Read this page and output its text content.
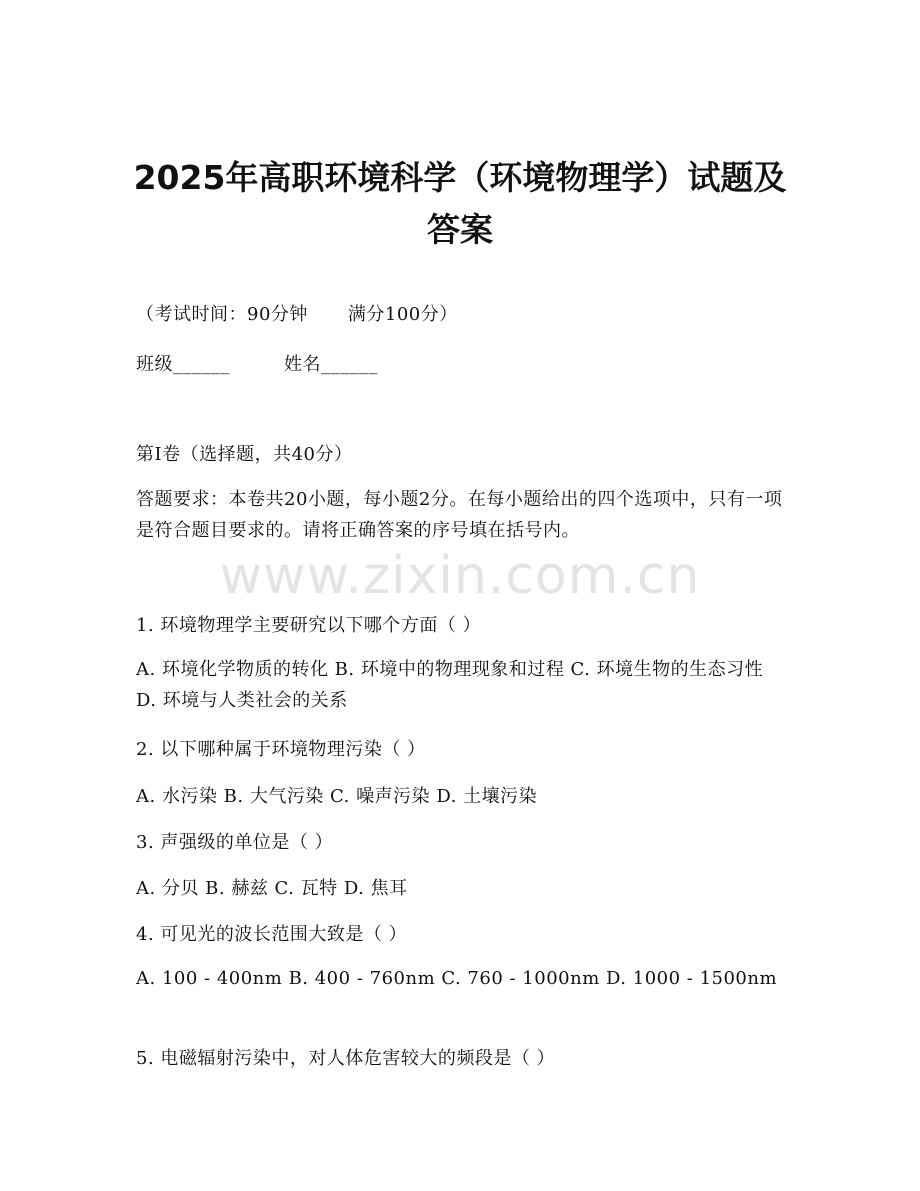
2025年高职环境科学（环境物理学）试题及
答案
（考试时间：90分钟 满分100分）
班级______	姓名______
第I卷（选择题，共40分）
答题要求：本卷共20小题，每小题2分。在每小题给出的四个选项中，只有一项是符合题目要求的。请将正确答案的序号填在括号内。
www.zixin.com.cn
1. 环境物理学主要研究以下哪个方面（ ）
A. 环境化学物质的转化 B. 环境中的物理现象和过程 C. 环境生物的生态习性 D. 环境与人类社会的关系
2. 以下哪种属于环境物理污染（ ）
A. 水污染 B. 大气污染 C. 噪声污染 D. 土壤污染
3. 声强级的单位是（ ）
A. 分贝 B. 赫兹 C. 瓦特 D. 焦耳
4. 可见光的波长范围大致是（ ）
A. 100 - 400nm B. 400 - 760nm C. 760 - 1000nm D. 1000 - 1500nm
5. 电磁辐射污染中，对人体危害较大的频段是（ ）
